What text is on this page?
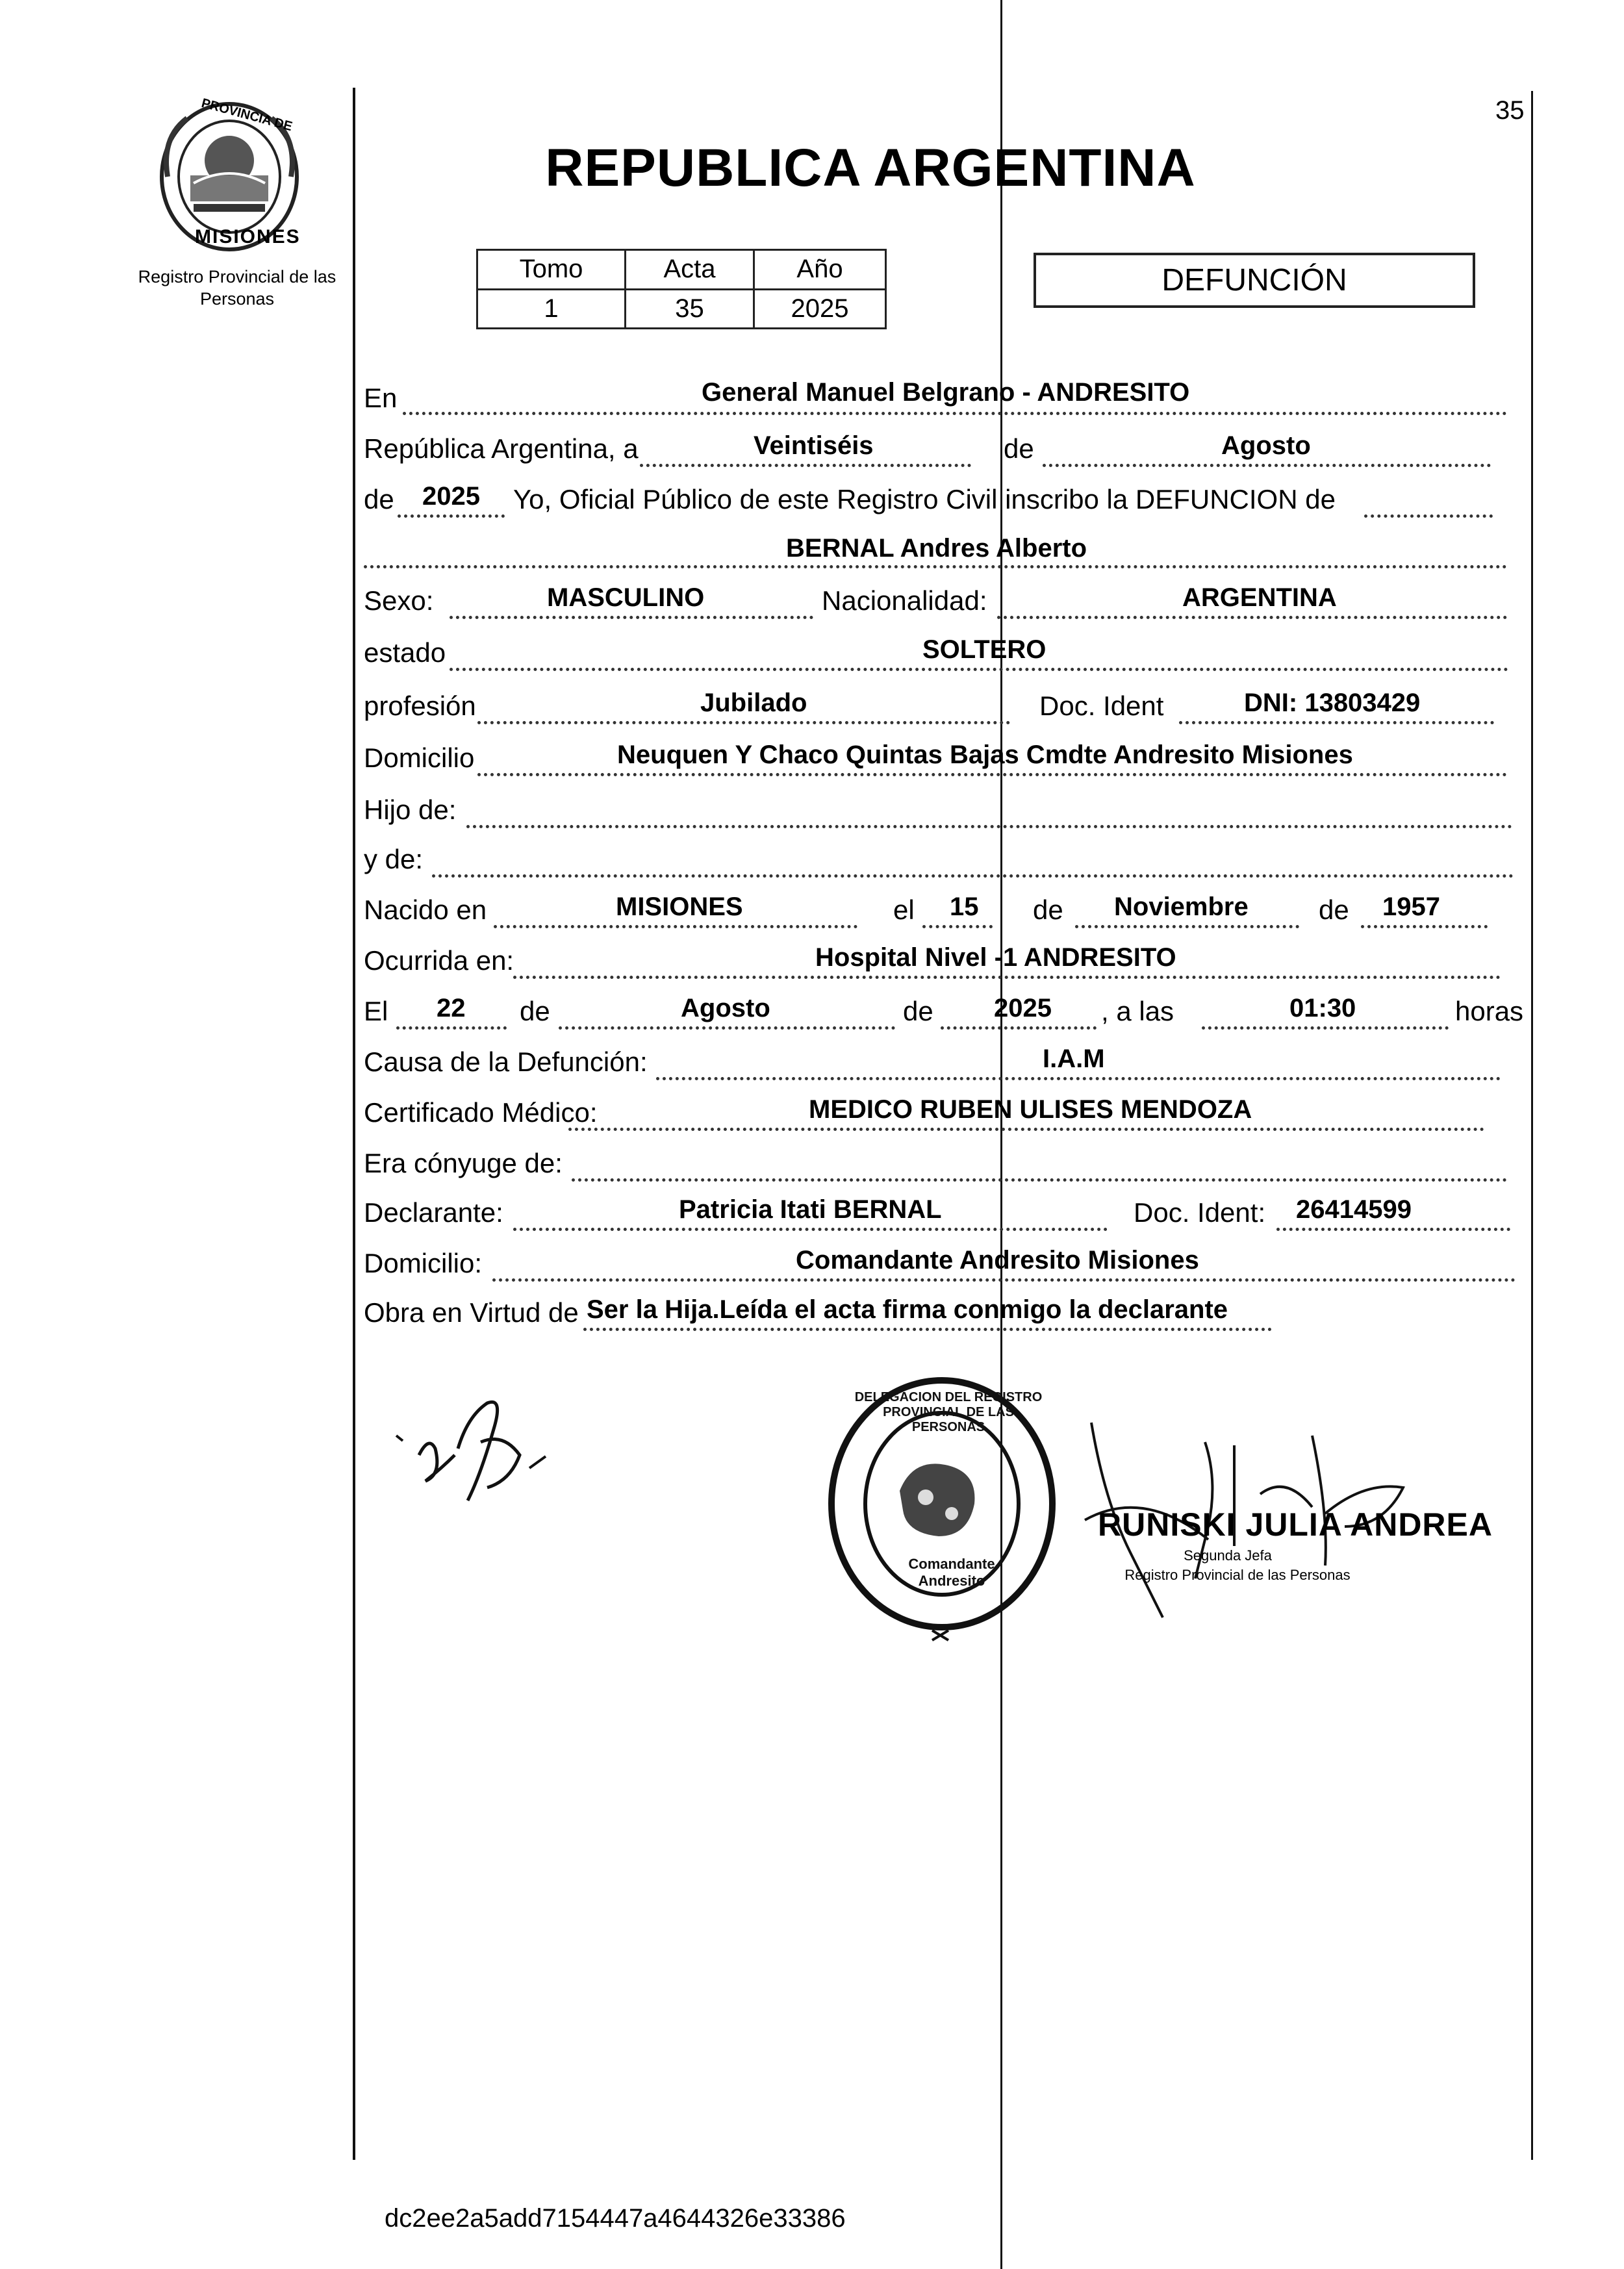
35
PROVINCIA DE
MISIONES
Registro Provincial de las Personas
REPUBLICA ARGENTINA
Tomo	Acta	Año
1	35	2025
DEFUNCIÓN
En	General Manuel Belgrano - ANDRESITO
República Argentina, a	Veintiséis	de	Agosto
de 2025 Yo, Oficial Público de este Registro Civil inscribo la DEFUNCION de
BERNAL Andres Alberto
Sexo:	MASCULINO	Nacionalidad:	ARGENTINA
estado	SOLTERO
profesión	Jubilado	Doc. Ident	DNI: 13803429
Domicilio	Neuquen Y Chaco Quintas Bajas Cmdte Andresito Misiones
Hijo de:
y de:
Nacido en	MISIONES	el 15 de Noviembre	de 1957
Ocurrida en:	Hospital Nivel -1 ANDRESITO
El 22 de	Agosto	de 2025 , a las	01:30	horas
Causa de la Defunción:	I.A.M
Certificado Médico:	MEDICO RUBEN ULISES MENDOZA
Era cónyuge de:
Declarante:	Patricia Itati BERNAL	Doc. Ident: 26414599
Domicilio:	Comandante Andresito Misiones
Obra en Virtud de Ser la Hija.Leída el acta firma conmigo la declarante
DELEGACION DEL REGISTRO PROVINCIAL DE LAS PERSONAS
Comandante Andresito
RUNISKI JULIA ANDREA
Segunda Jefa
Registro Provincial de las Personas
dc2ee2a5add7154447a4644326e33386
